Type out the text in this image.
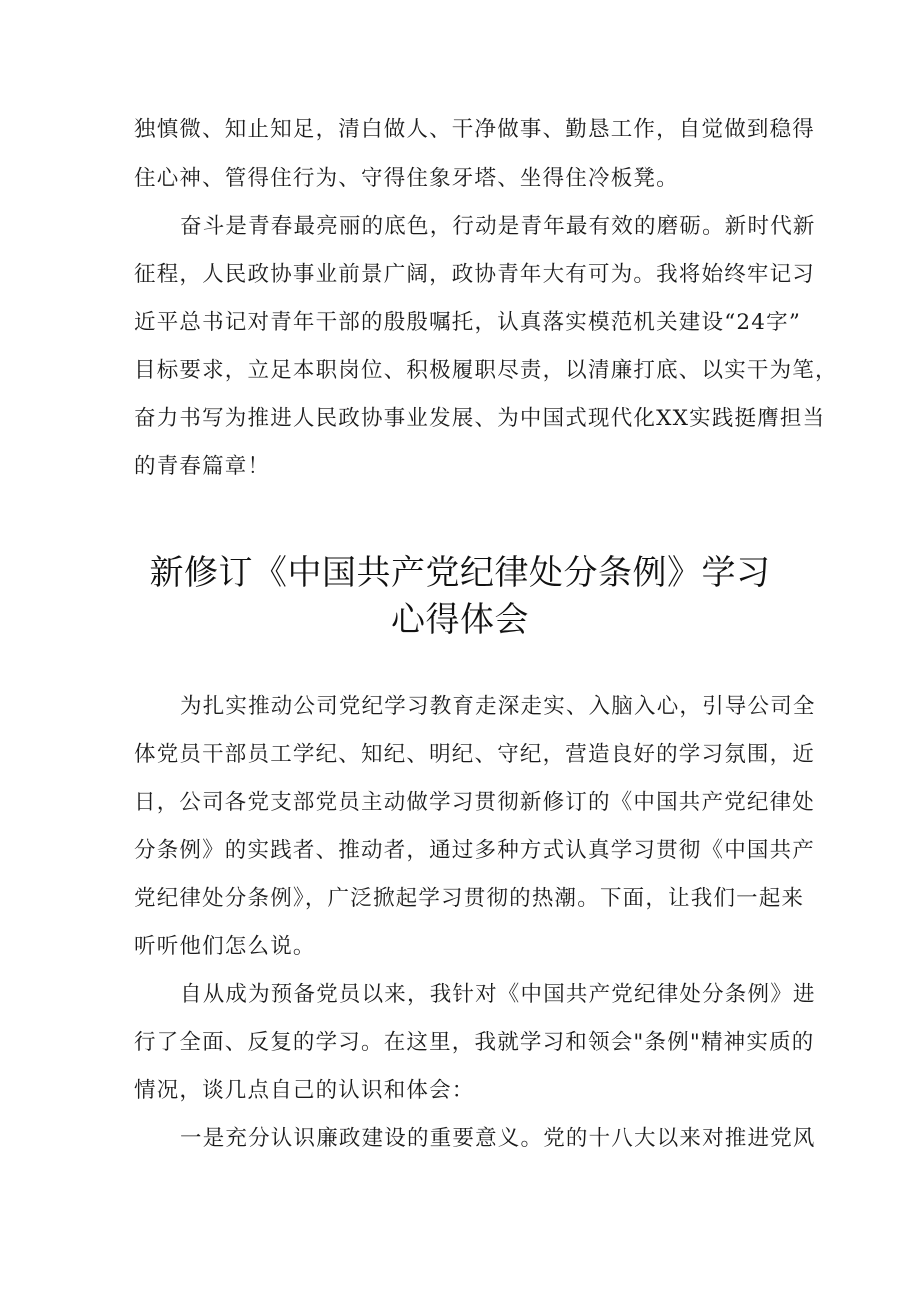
独慎微、知止知足，清白做人、干净做事、勤恳工作，自觉做到稳得
住心神、管得住行为、守得住象牙塔、坐得住冷板凳。
奋斗是青春最亮丽的底色，行动是青年最有效的磨砺。新时代新
征程，人民政协事业前景广阔，政协青年大有可为。我将始终牢记习
近平总书记对青年干部的殷殷嘱托，认真落实模范机关建设“24字”
目标要求，立足本职岗位、积极履职尽责，以清廉打底、以实干为笔，
奋力书写为推进人民政协事业发展、为中国式现代化XX实践挺膺担当
的青春篇章！
新修订《中国共产党纪律处分条例》学习
心得体会
为扎实推动公司党纪学习教育走深走实、入脑入心，引导公司全
体党员干部员工学纪、知纪、明纪、守纪，营造良好的学习氛围，近
日，公司各党支部党员主动做学习贯彻新修订的《中国共产党纪律处
分条例》的实践者、推动者，通过多种方式认真学习贯彻《中国共产
党纪律处分条例》，广泛掀起学习贯彻的热潮。下面，让我们一起来
听听他们怎么说。
自从成为预备党员以来，我针对《中国共产党纪律处分条例》进
行了全面、反复的学习。在这里，我就学习和领会"条例"精神实质的
情况，谈几点自己的认识和体会：
一是充分认识廉政建设的重要意义。党的十八大以来对推进党风
